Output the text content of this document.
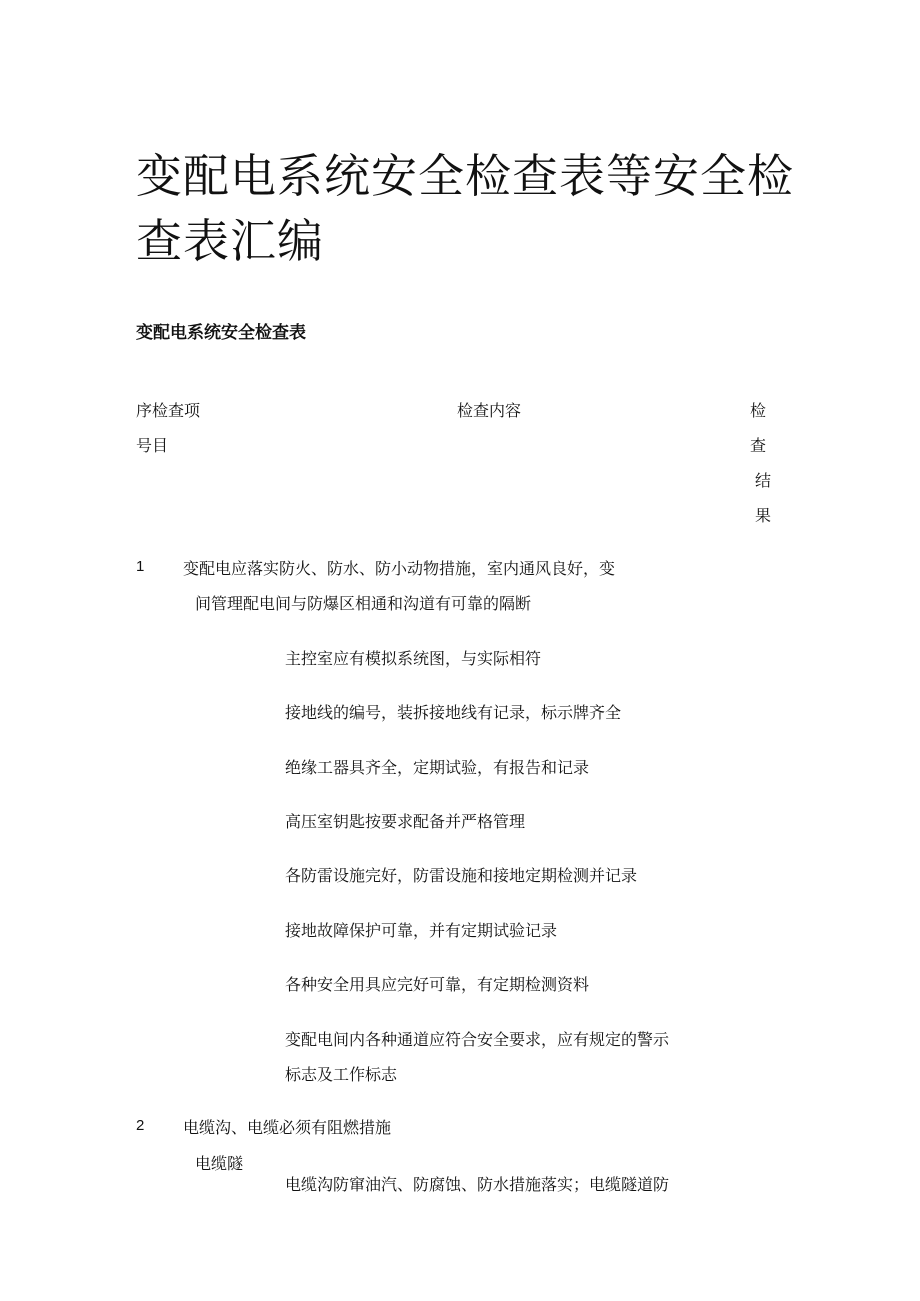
变配电系统安全检查表等安全检
查表汇编
变配电系统安全检查表
序检查项
号目
检查内容	检
查
结
果
1 变配电应落实防火、防水、防小动物措施，室内通风良好，变
间管理配电间与防爆区相通和沟道有可靠的隔断
主控室应有模拟系统图，与实际相符
接地线的编号，装拆接地线有记录，标示牌齐全
绝缘工器具齐全，定期试验，有报告和记录
高压室钥匙按要求配备并严格管理
各防雷设施完好，防雷设施和接地定期检测并记录
接地故障保护可靠，并有定期试验记录
各种安全用具应完好可靠，有定期检测资料
变配电间内各种通道应符合安全要求，应有规定的警示
标志及工作标志
2 电缆沟、电缆必须有阻燃措施
电缆隧
电缆沟防窜油汽、防腐蚀、防水措施落实；电缆隧道防
